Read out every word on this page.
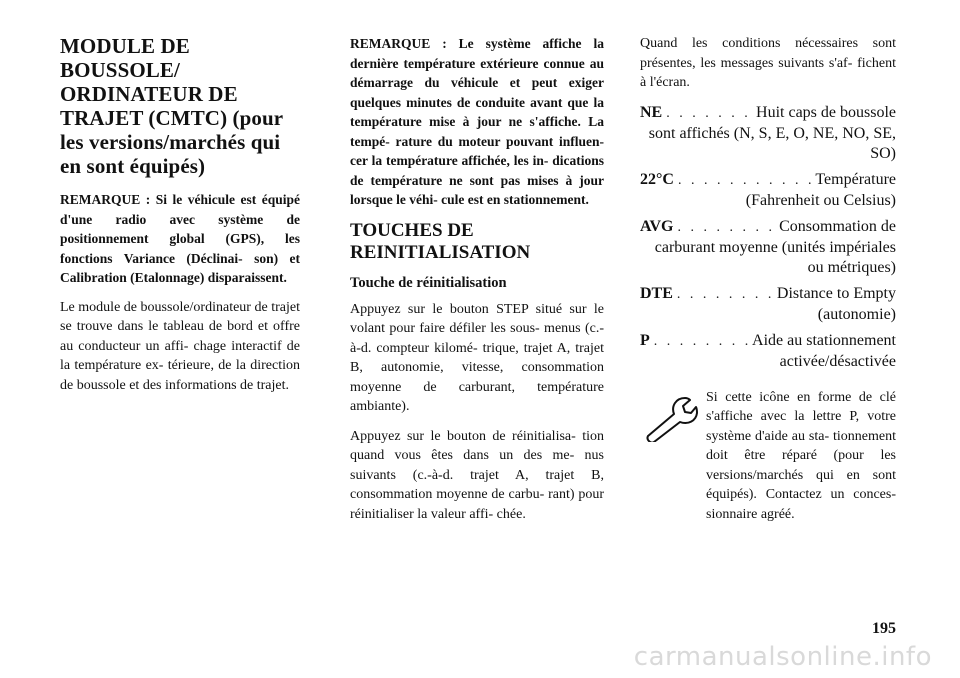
MODULE DE BOUSSOLE/ ORDINATEUR DE TRAJET (CMTC) (pour les versions/marchés qui en sont équipés)

REMARQUE : Si le véhicule est équipé d'une radio avec système de positionnement global (GPS), les fonctions Variance (Déclinai- son) et Calibration (Etalonnage) disparaissent.

Le module de boussole/ordinateur de trajet se trouve dans le tableau de bord et offre au conducteur un affi- chage interactif de la température ex- térieure, de la direction de boussole et des informations de trajet.

REMARQUE : Le système affiche la dernière température extérieure connue au démarrage du véhicule et peut exiger quelques minutes de conduite avant que la température mise à jour ne s'affiche. La tempé- rature du moteur pouvant influen- cer la température affichée, les in- dications de température ne sont pas mises à jour lorsque le véhi- cule est en stationnement.

TOUCHES DE REINITIALISATION
Touche de réinitialisation

Appuyez sur le bouton STEP situé sur le volant pour faire défiler les sous- menus (c.-à-d. compteur kilomé- trique, trajet A, trajet B, autonomie, vitesse, consommation moyenne de carburant, température ambiante).

Appuyez sur le bouton de réinitialisa- tion quand vous êtes dans un des me- nus suivants (c.-à-d. trajet A, trajet B, consommation moyenne de carbu- rant) pour réinitialiser la valeur affi- chée.

Quand les conditions nécessaires sont présentes, les messages suivants s'af- fichent à l'écran.

NE . . .	Huit caps de boussole
sont affichés (N, S, E, O, NE, NO, SE, SO)
22°C . . .	Température
(Fahrenheit ou Celsius)
AVG . . .	Consommation de
carburant moyenne (unités impériales ou métriques)
DTE . . .	Distance to Empty
(autonomie)
P . . .	Aide au stationnement
activée/désactivée
Si cette icône en forme de clé s'affiche avec la lettre P, votre système d'aide au sta- tionnement doit être réparé (pour les versions/marchés qui en sont équipés). Contactez un conces- sionnaire agréé.
195
carmanualsonline.info
